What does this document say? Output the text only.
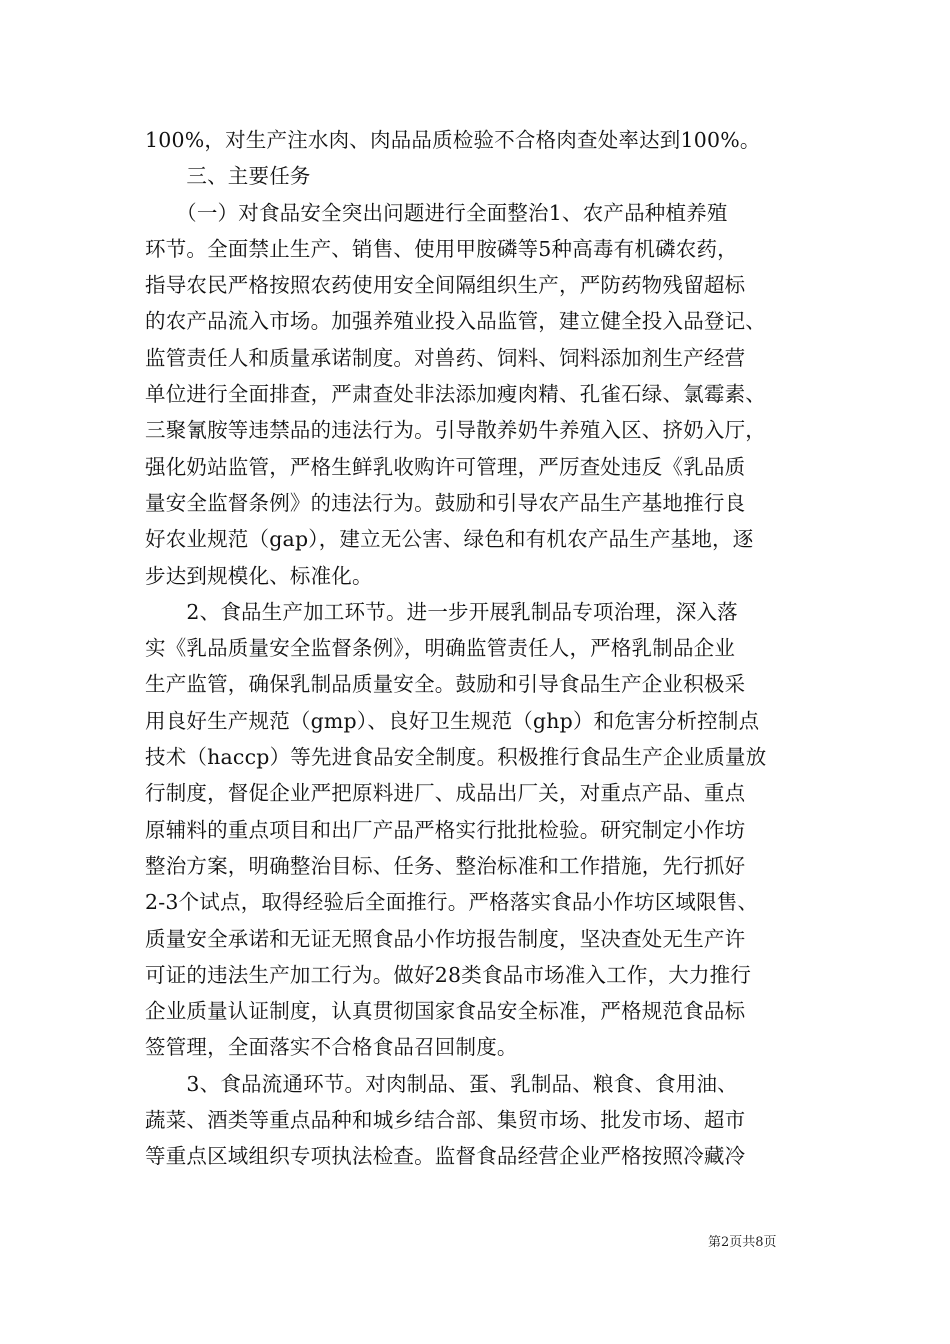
100%，对生产注水肉、肉品品质检验不合格肉查处率达到100%。
　　三、主要任务
　　（一）对食品安全突出问题进行全面整治1、农产品种植养殖
环节。全面禁止生产、销售、使用甲胺磷等5种高毒有机磷农药，
指导农民严格按照农药使用安全间隔组织生产，严防药物残留超标
的农产品流入市场。加强养殖业投入品监管，建立健全投入品登记、
监管责任人和质量承诺制度。对兽药、饲料、饲料添加剂生产经营
单位进行全面排查，严肃查处非法添加瘦肉精、孔雀石绿、氯霉素、
三聚氰胺等违禁品的违法行为。引导散养奶牛养殖入区、挤奶入厅，
强化奶站监管，严格生鲜乳收购许可管理，严厉查处违反《乳品质
量安全监督条例》的违法行为。鼓励和引导农产品生产基地推行良
好农业规范（gap），建立无公害、绿色和有机农产品生产基地，逐
步达到规模化、标准化。
　　2、食品生产加工环节。进一步开展乳制品专项治理，深入落
实《乳品质量安全监督条例》，明确监管责任人，严格乳制品企业
生产监管，确保乳制品质量安全。鼓励和引导食品生产企业积极采
用良好生产规范（gmp）、良好卫生规范（ghp）和危害分析控制点
技术（haccp）等先进食品安全制度。积极推行食品生产企业质量放
行制度，督促企业严把原料进厂、成品出厂关，对重点产品、重点
原辅料的重点项目和出厂产品严格实行批批检验。研究制定小作坊
整治方案，明确整治目标、任务、整治标准和工作措施，先行抓好
2-3个试点，取得经验后全面推行。严格落实食品小作坊区域限售、
质量安全承诺和无证无照食品小作坊报告制度，坚决查处无生产许
可证的违法生产加工行为。做好28类食品市场准入工作，大力推行
企业质量认证制度，认真贯彻国家食品安全标准，严格规范食品标
签管理，全面落实不合格食品召回制度。
　　3、食品流通环节。对肉制品、蛋、乳制品、粮食、食用油、
蔬菜、酒类等重点品种和城乡结合部、集贸市场、批发市场、超市
等重点区域组织专项执法检查。监督食品经营企业严格按照冷藏冷
第2页共8页
